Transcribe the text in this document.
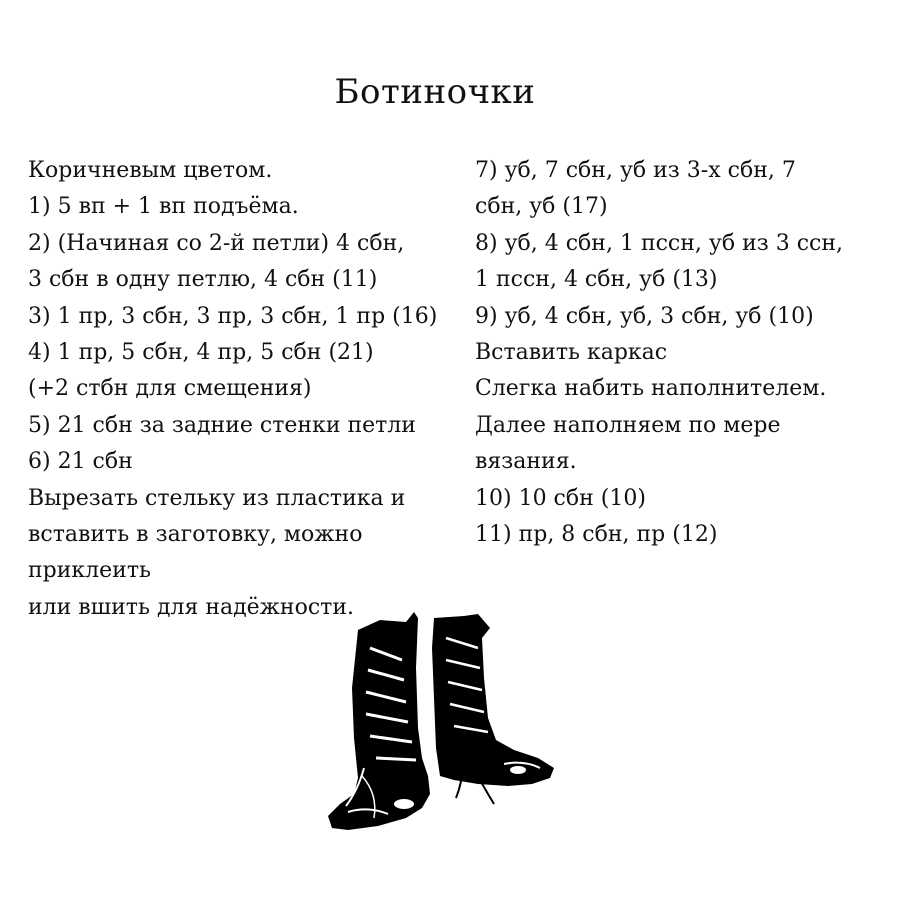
Ботиночки
Коричневым цветом.
1) 5 вп + 1 вп подъёма.
2) (Начиная со 2-й петли) 4 сбн,
3 сбн в одну петлю, 4 сбн (11)
3) 1 пр, 3 сбн, 3 пр, 3 сбн, 1 пр (16)
4) 1 пр, 5 сбн, 4 пр, 5 сбн (21)
(+2 стбн для смещения)
5) 21 сбн за задние стенки петли
6) 21 сбн
Вырезать стельку из пластика и
вставить в заготовку, можно
приклеить
или вшить для надёжности.
7) уб, 7 сбн, уб из 3-х сбн, 7
сбн, уб (17)
8) уб, 4 сбн, 1 пссн, уб из 3 ссн,
1 пссн, 4 сбн, уб (13)
9) уб, 4 сбн, уб, 3 сбн, уб (10)
Вставить каркас
Слегка набить наполнителем.
Далее наполняем по мере
вязания.
10) 10 сбн (10)
11) пр, 8 сбн, пр (12)
